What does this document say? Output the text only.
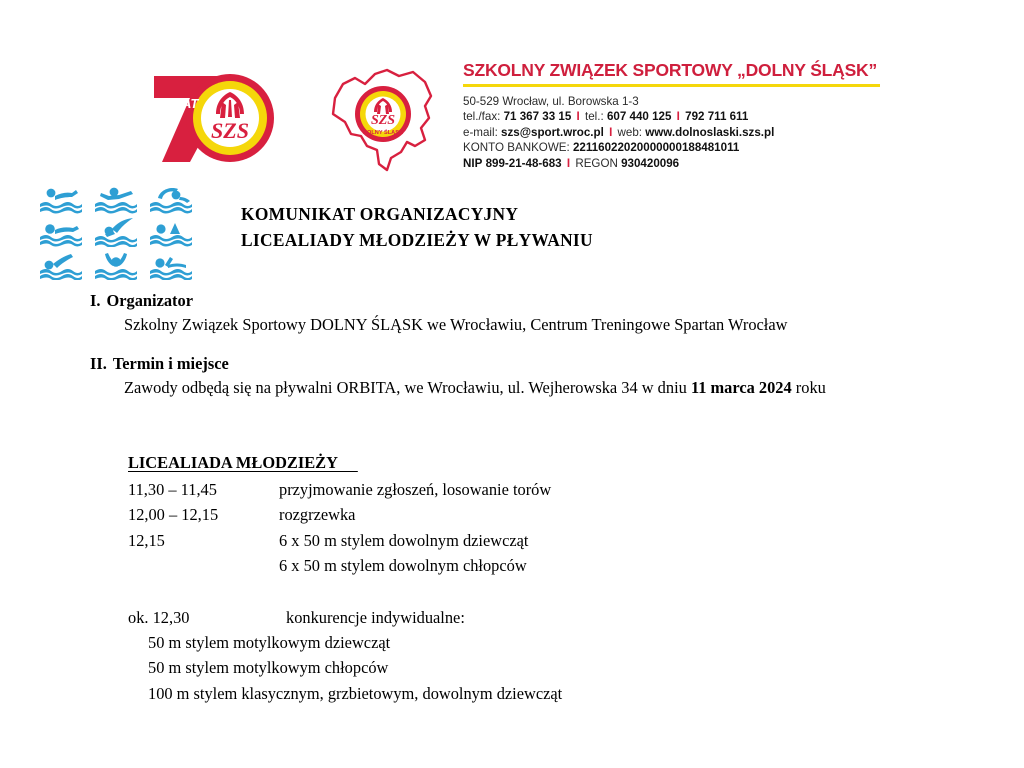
SZS
LAT
SZS
DOLNY ŚLĄSK
SZKOLNY ZWIĄZEK SPORTOWY „DOLNY ŚLĄSK”
50-529 Wrocław, ul. Borowska 1-3
tel./fax: 71 367 33 15 I tel.: 607 440 125 I 792 711 611
e-mail: szs@sport.wroc.pl I web: www.dolnoslaski.szs.pl
KONTO BANKOWE: 22116022020000000188481011
NIP 899-21-48-683 I REGON 930420096
KOMUNIKAT ORGANIZACYJNY
LICEALIADY MŁODZIEŻY W PŁYWANIU
I. Organizator
Szkolny Związek Sportowy DOLNY ŚLĄSK we Wrocławiu, Centrum Treningowe Spartan Wrocław
II. Termin i miejsce
Zawody odbędą się na pływalni ORBITA, we Wrocławiu, ul. Wejherowska 34 w dniu 11 marca 2024 roku
LICEALIADA MŁODZIEŻY
11,30 – 11,45	przyjmowanie zgłoszeń, losowanie torów
12,00 – 12,15	rozgrzewka
12,15	6 x 50 m stylem dowolnym dziewcząt
6 x 50 m stylem dowolnym chłopców
ok. 12,30	konkurencje indywidualne:
50 m stylem motylkowym dziewcząt
50 m stylem motylkowym chłopców
100 m stylem klasycznym, grzbietowym, dowolnym dziewcząt
